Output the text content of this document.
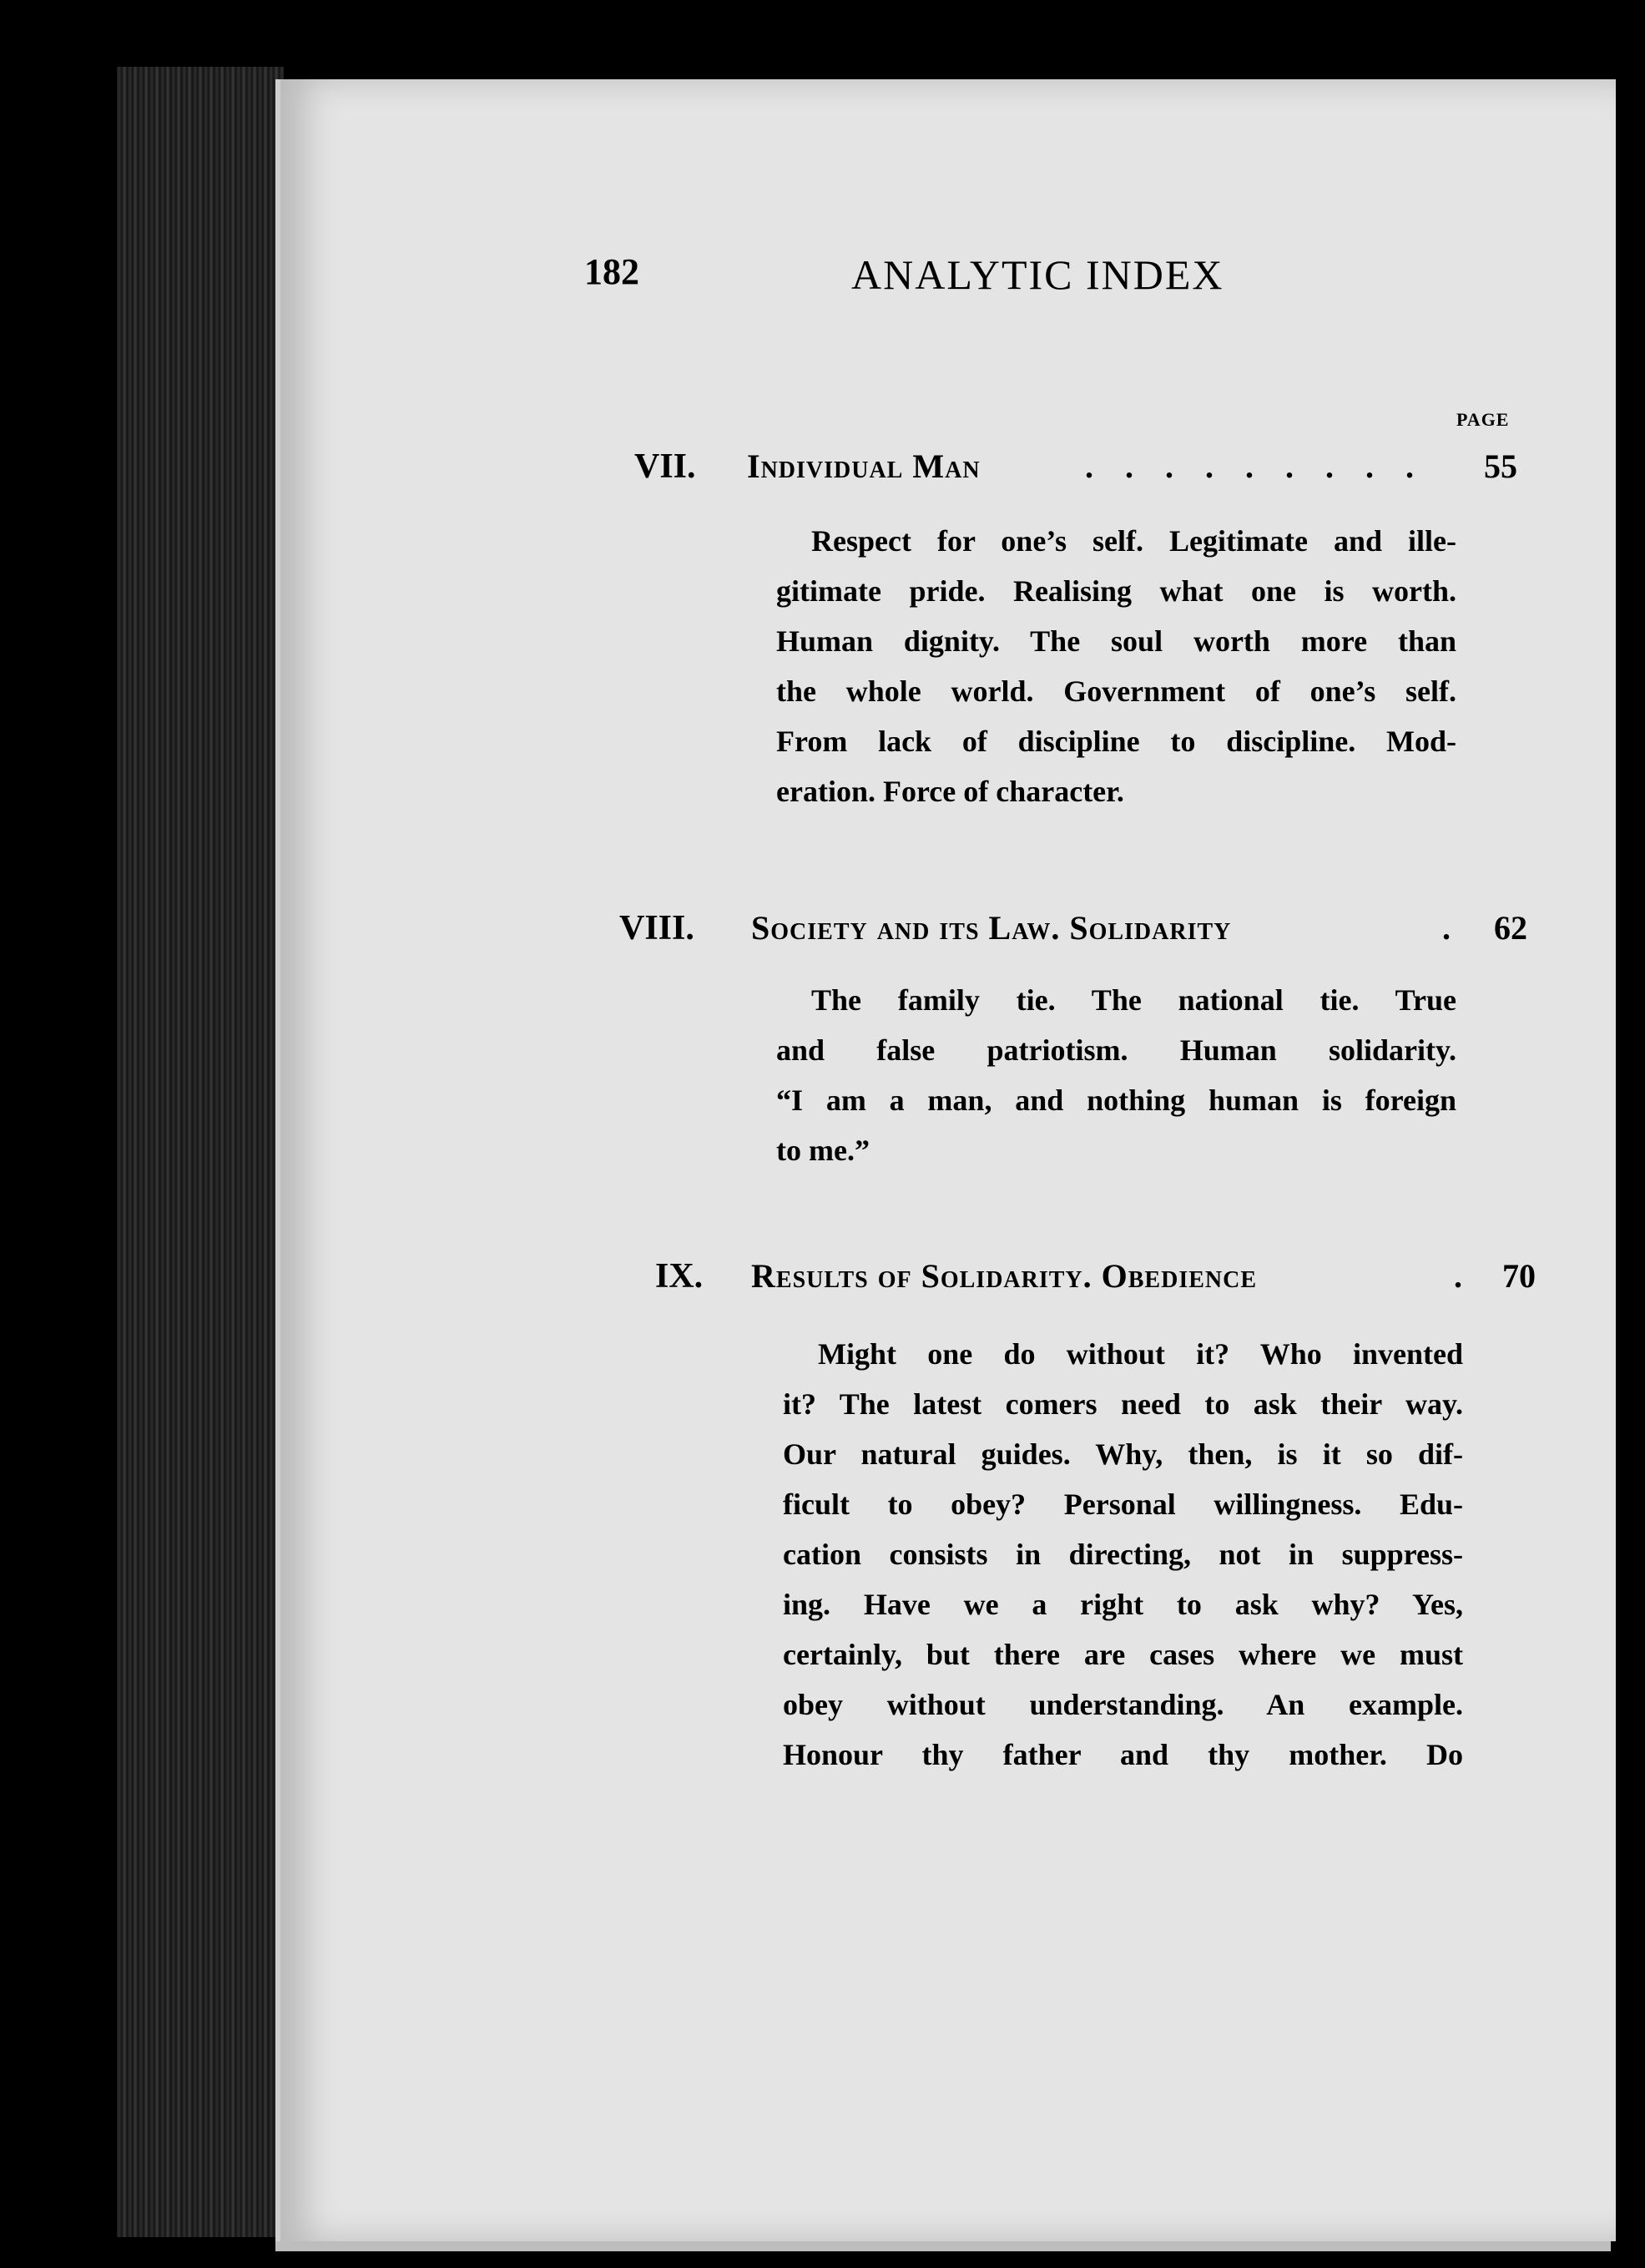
182	ANALYTIC INDEX
PAGE
VII. Individual Man	. . . . . . . . . 55
Respect for one’s self. Legitimate and ille-
gitimate pride. Realising what one is worth.
Human dignity. The soul worth more than
the whole world. Government of one’s self.
From lack of discipline to discipline. Mod-
eration. Force of character.
VIII. Society and its Law. Solidarity	. 62
The family tie. The national tie. True
and false patriotism. Human solidarity.
“I am a man, and nothing human is foreign
to me.”
IX. Results of Solidarity. Obedience	. 70
Might one do without it? Who invented
it? The latest comers need to ask their way.
Our natural guides. Why, then, is it so dif-
ficult to obey? Personal willingness. Edu-
cation consists in directing, not in suppress-
ing. Have we a right to ask why? Yes,
certainly, but there are cases where we must
obey without understanding. An example.
Honour thy father and thy mother. Do
